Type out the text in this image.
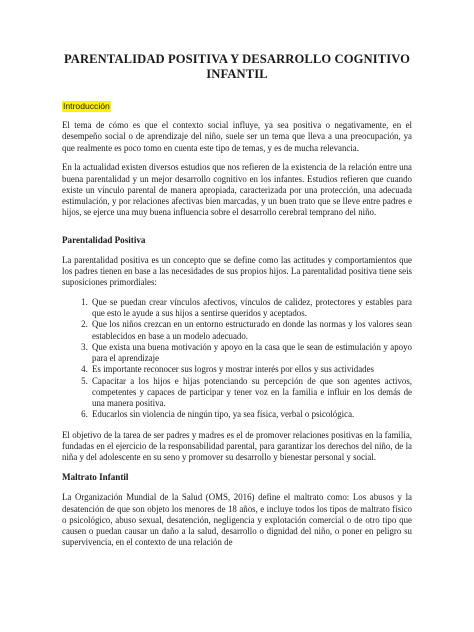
PARENTALIDAD POSITIVA Y DESARROLLO COGNITIVO INFANTIL
Introducción

El tema de cómo es que el contexto social influye, ya sea positiva o negativamente, en el desempeño social o de aprendizaje del niño, suele ser un tema que lleva a una preocupación, ya que realmente es poco tomo en cuenta este tipo de temas, y es de mucha relevancia.

En la actualidad existen diversos estudios que nos refieren de la existencia de la relación entre una buena parentalidad y un mejor desarrollo cognitivo en los infantes. Estudios refieren que cuando existe un vínculo parental de manera apropiada, caracterizada por una protección, una adecuada estimulación, y por relaciones afectivas bien marcadas, y un buen trato que se lleve entre padres e hijos, se ejerce una muy buena influencia sobre el desarrollo cerebral temprano del niño.

Parentalidad Positiva

La parentalidad positiva es un concepto que se define como las actitudes y comportamientos que los padres tienen en base a las necesidades de sus propios hijos. La parentalidad positiva tiene seis suposiciones primordiales:

1. Que se puedan crear vínculos afectivos, vínculos de calidez, protectores y estables para que esto le ayude a sus hijos a sentirse queridos y aceptados.
2. Que los niños crezcan en un entorno estructurado en donde las normas y los valores sean establecidos en base a un modelo adecuado.
3. Que exista una buena motivación y apoyo en la casa que le sean de estimulación y apoyo para el aprendizaje
4. Es importante reconocer sus logros y mostrar interés por ellos y sus actividades
5. Capacitar a los hijos e hijas potenciando su percepción de que son agentes activos, competentes y capaces de participar y tener voz en la familia e influir en los demás de una manera positiva.
6. Educarlos sin violencia de ningún tipo, ya sea física, verbal o psicológica.

El objetivo de la tarea de ser padres y madres es el de promover relaciones positivas en la familia, fundadas en el ejercicio de la responsabilidad parental, para garantizar los derechos del niño, de la niña y del adolescente en su seno y promover su desarrollo y bienestar personal y social.

Maltrato Infantil

La Organización Mundial de la Salud (OMS, 2016) define el maltrato como: Los abusos y la desatención de que son objeto los menores de 18 años, e incluye todos los tipos de maltrato físico o psicológico, abuso sexual, desatención, negligencia y explotación comercial o de otro tipo que causen o puedan causar un daño a la salud, desarrollo o dignidad del niño, o poner en peligro su supervivencia, en el contexto de una relación de
